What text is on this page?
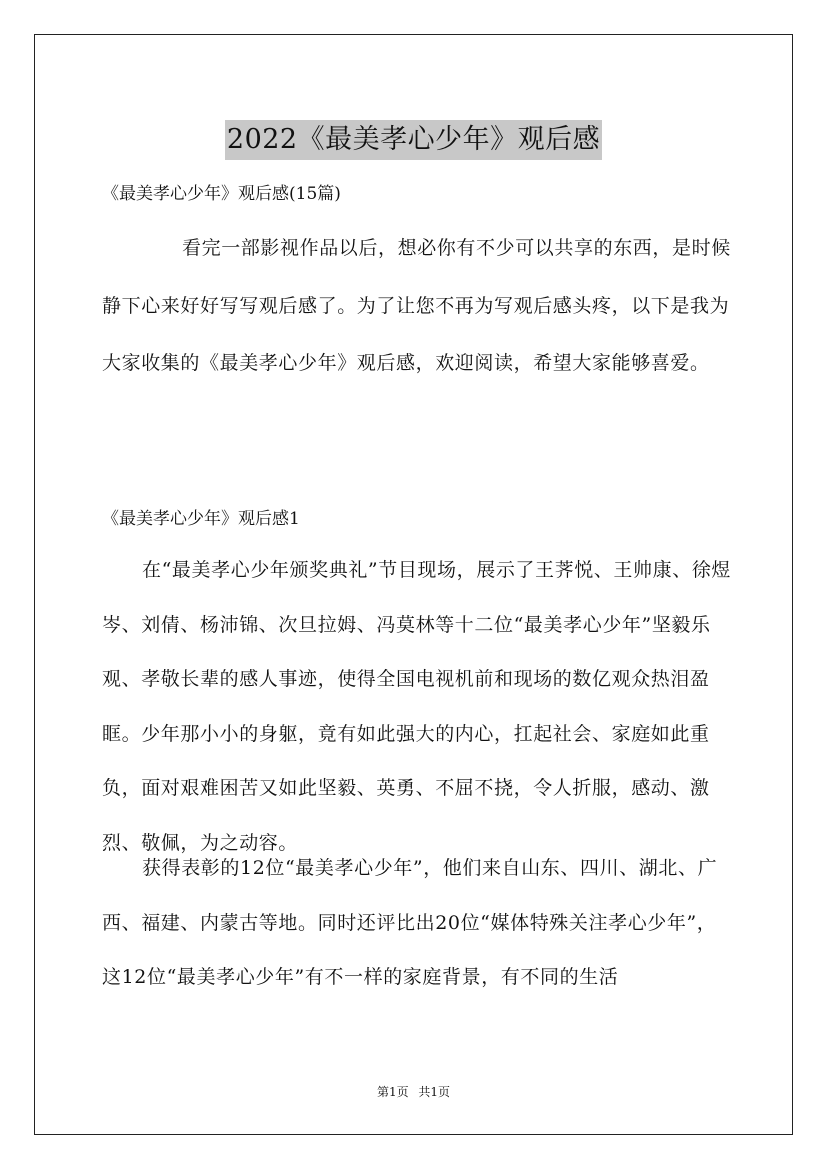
2022《最美孝心少年》观后感
《最美孝心少年》观后感(15篇)

看完一部影视作品以后，想必你有不少可以共享的东西，是时候静下心来好好写写观后感了。为了让您不再为写观后感头疼，以下是我为大家收集的《最美孝心少年》观后感，欢迎阅读，希望大家能够喜爱。

《最美孝心少年》观后感1

在“最美孝心少年颁奖典礼”节目现场，展示了王荠悦、王帅康、徐煜岑、刘倩、杨沛锦、次旦拉姆、冯莫林等十二位“最美孝心少年”坚毅乐观、孝敬长辈的感人事迹，使得全国电视机前和现场的数亿观众热泪盈眶。少年那小小的身躯，竟有如此强大的内心，扛起社会、家庭如此重负，面对艰难困苦又如此坚毅、英勇、不屈不挠，令人折服，感动、激烈、敬佩，为之动容。

获得表彰的12位“最美孝心少年”，他们来自山东、四川、湖北、广西、福建、内蒙古等地。同时还评比出20位“媒体特殊关注孝心少年”，这12位“最美孝心少年”有不一样的家庭背景，有不同的生活

第1页 共1页
